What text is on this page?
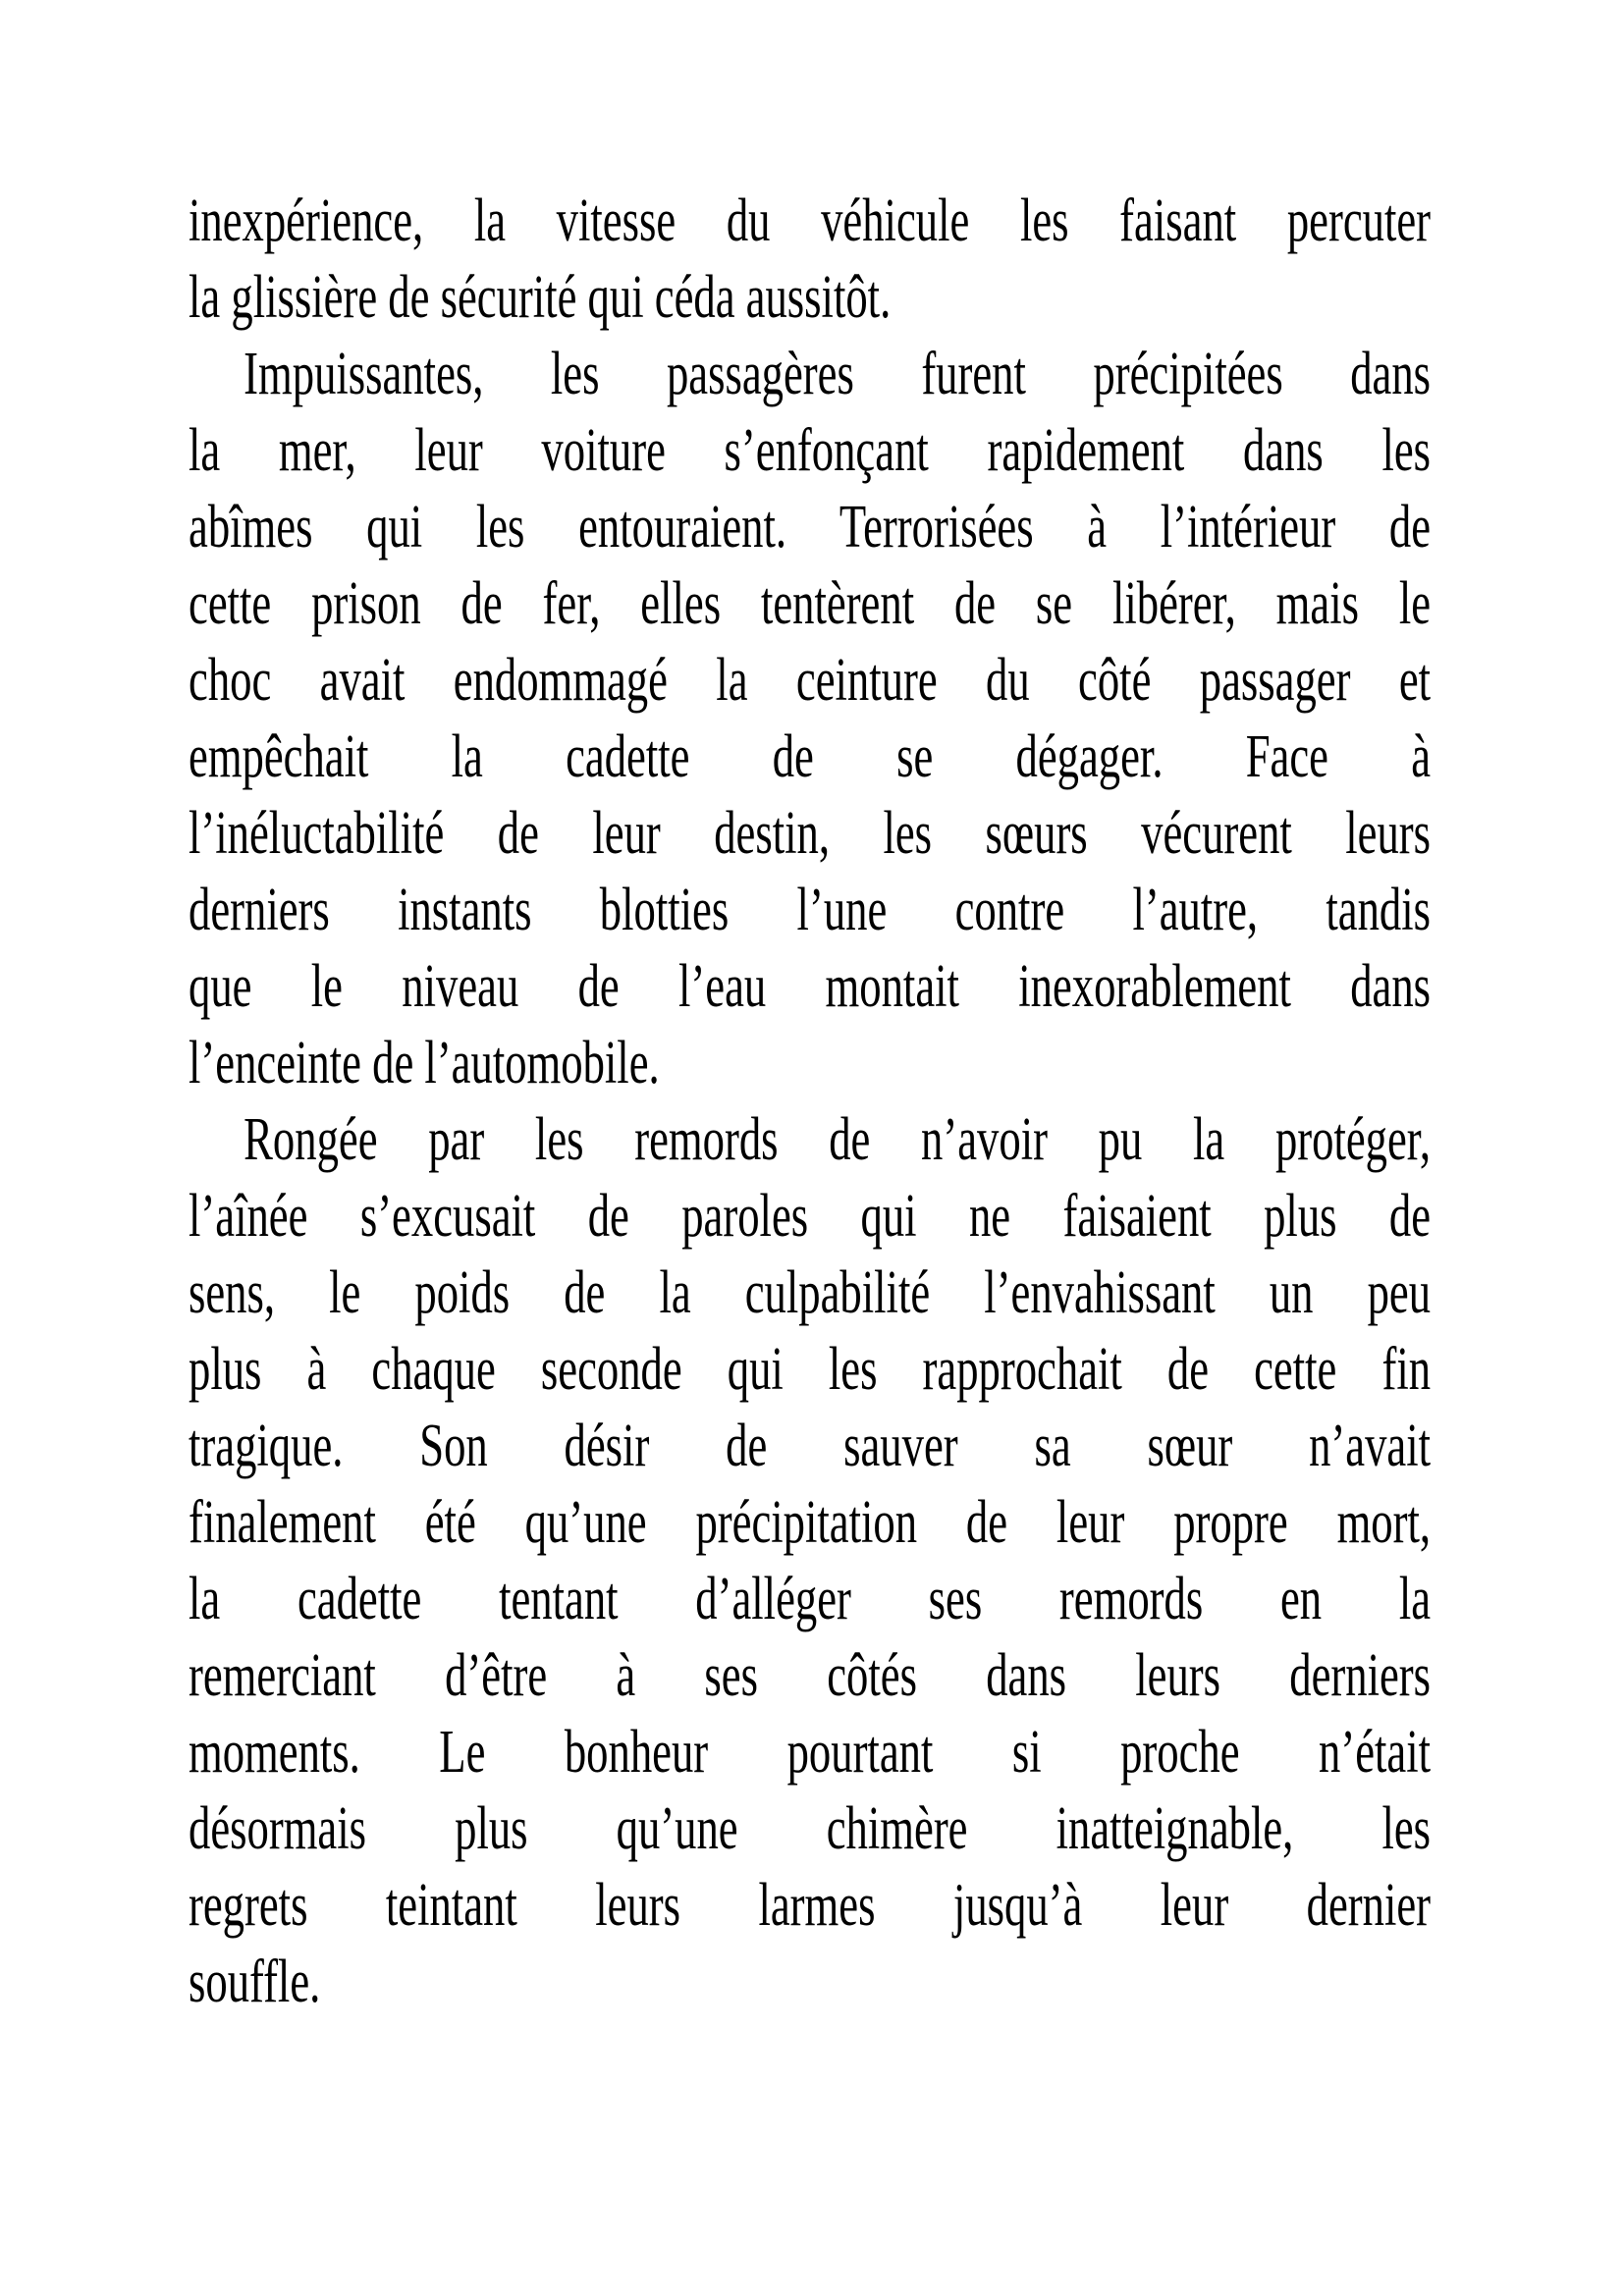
inexpérience, la vitesse du véhicule les faisant percuter
la glissière de sécurité qui céda aussitôt.
Impuissantes, les passagères furent précipitées dans
la mer, leur voiture s’enfonçant rapidement dans les
abîmes qui les entouraient. Terrorisées à l’intérieur de
cette prison de fer, elles tentèrent de se libérer, mais le
choc avait endommagé la ceinture du côté passager et
empêchait la cadette de se dégager. Face à
l’inéluctabilité de leur destin, les sœurs vécurent leurs
derniers instants blotties l’une contre l’autre, tandis
que le niveau de l’eau montait inexorablement dans
l’enceinte de l’automobile.
Rongée par les remords de n’avoir pu la protéger,
l’aînée s’excusait de paroles qui ne faisaient plus de
sens, le poids de la culpabilité l’envahissant un peu
plus à chaque seconde qui les rapprochait de cette fin
tragique. Son désir de sauver sa sœur n’avait
finalement été qu’une précipitation de leur propre mort,
la cadette tentant d’alléger ses remords en la
remerciant d’être à ses côtés dans leurs derniers
moments. Le bonheur pourtant si proche n’était
désormais plus qu’une chimère inatteignable, les
regrets teintant leurs larmes jusqu’à leur dernier
souffle.
